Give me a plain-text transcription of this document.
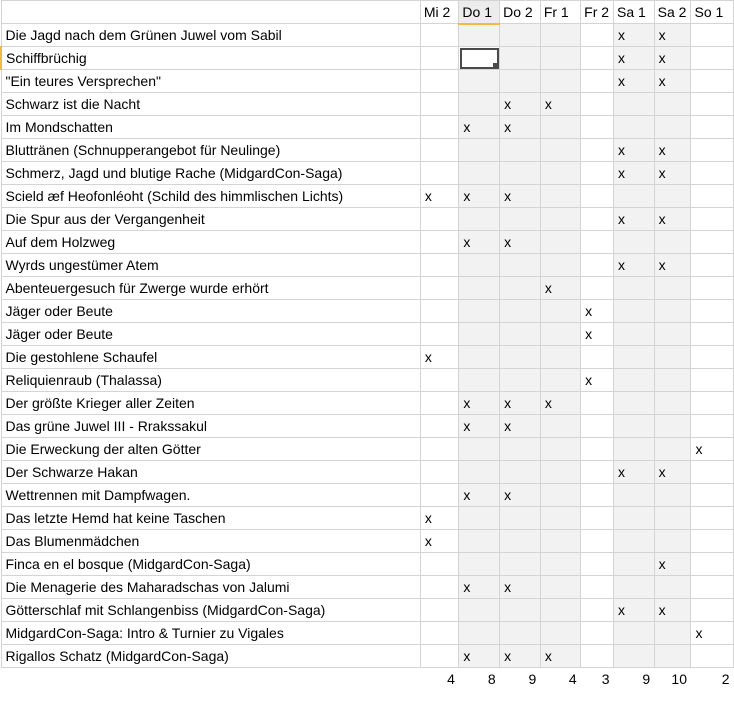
	Mi 2	Do 1	Do 2	Fr 1	Fr 2	Sa 1	Sa 2	So 1
Die Jagd nach dem Grünen Juwel vom Sabil						x	x	
Schiffbrüchig						x	x	
"Ein teures Versprechen"						x	x	
Schwarz ist die Nacht			x	x				
Im Mondschatten		x	x					
Bluttränen (Schnupperangebot für Neulinge)						x	x	
Schmerz, Jagd und blutige Rache (MidgardCon-Saga)						x	x	
Scield æf Heofonléoht (Schild des himmlischen Lichts)	x	x	x					
Die Spur aus der Vergangenheit						x	x	
Auf dem Holzweg		x	x					
Wyrds ungestümer Atem						x	x	
Abenteuergesuch für Zwerge wurde erhört				x				
Jäger oder Beute					x			
Jäger oder Beute					x			
Die gestohlene Schaufel	x							
Reliquienraub (Thalassa)					x			
Der größte Krieger aller Zeiten		x	x	x				
Das grüne Juwel III - Rrakssakul		x	x					
Die Erweckung der alten Götter								x
Der Schwarze Hakan						x	x	
Wettrennen mit Dampfwagen.		x	x					
Das letzte Hemd hat keine Taschen	x							
Das Blumenmädchen	x							
Finca en el bosque (MidgardCon-Saga)							x	
Die Menagerie des Maharadschas von Jalumi		x	x					
Götterschlaf mit Schlangenbiss (MidgardCon-Saga)						x	x	
MidgardCon-Saga: Intro & Turnier zu Vigales								x
Rigallos Schatz (MidgardCon-Saga)		x	x	x				
	4	8	9	4	3	9	10	2
